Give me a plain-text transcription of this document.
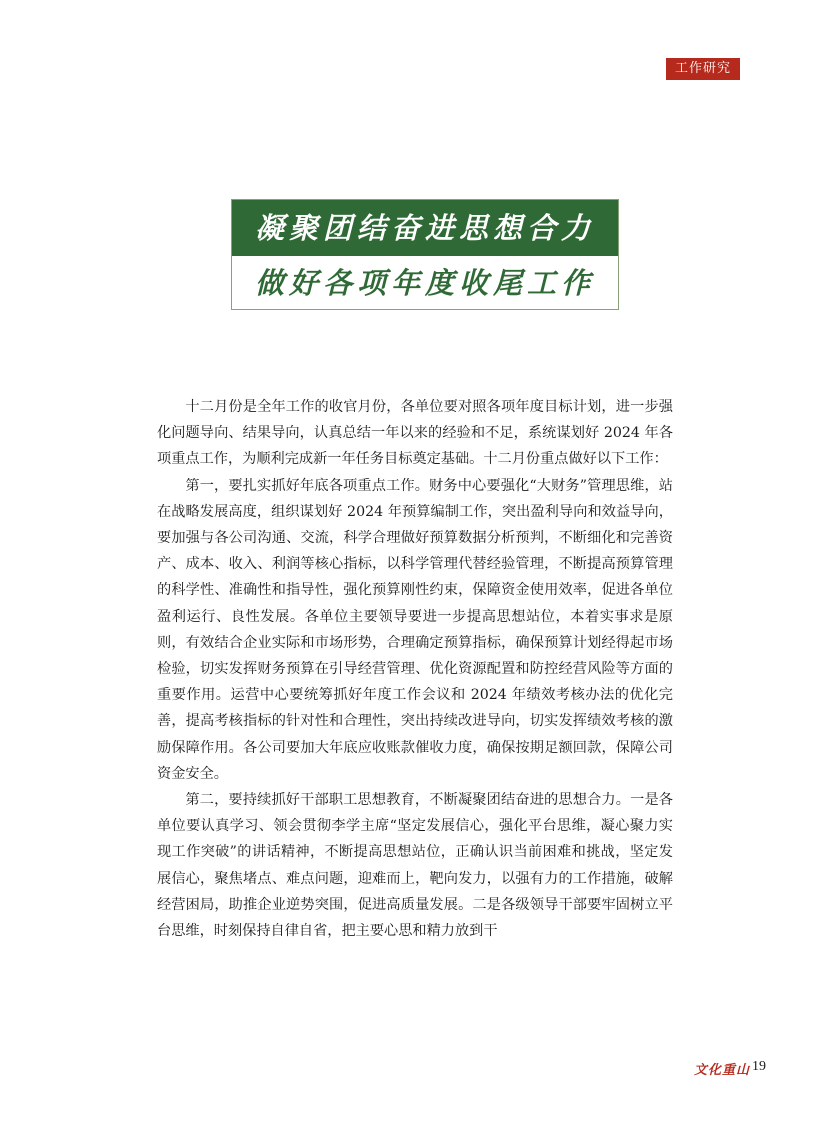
工作研究
凝聚团结奋进思想合力
做好各项年度收尾工作

十二月份是全年工作的收官月份，各单位要对照各项年度目标计划，进一步强化问题导向、结果导向，认真总结一年以来的经验和不足，系统谋划好 2024 年各项重点工作，为顺利完成新一年任务目标奠定基础。十二月份重点做好以下工作：

第一，要扎实抓好年底各项重点工作。财务中心要强化“大财务”管理思维，站在战略发展高度，组织谋划好 2024 年预算编制工作，突出盈利导向和效益导向，要加强与各公司沟通、交流，科学合理做好预算数据分析预判，不断细化和完善资产、成本、收入、利润等核心指标，以科学管理代替经验管理，不断提高预算管理的科学性、准确性和指导性，强化预算刚性约束，保障资金使用效率，促进各单位盈利运行、良性发展。各单位主要领导要进一步提高思想站位，本着实事求是原则，有效结合企业实际和市场形势，合理确定预算指标，确保预算计划经得起市场检验，切实发挥财务预算在引导经营管理、优化资源配置和防控经营风险等方面的重要作用。运营中心要统筹抓好年度工作会议和 2024 年绩效考核办法的优化完善，提高考核指标的针对性和合理性，突出持续改进导向，切实发挥绩效考核的激励保障作用。各公司要加大年底应收账款催收力度，确保按期足额回款，保障公司资金安全。

第二，要持续抓好干部职工思想教育，不断凝聚团结奋进的思想合力。一是各单位要认真学习、领会贯彻李学主席“坚定发展信心，强化平台思维，凝心聚力实现工作突破”的讲话精神，不断提高思想站位，正确认识当前困难和挑战，坚定发展信心，聚焦堵点、难点问题，迎难而上，靶向发力，以强有力的工作措施，破解经营困局，助推企业逆势突围，促进高质量发展。二是各级领导干部要牢固树立平台思维，时刻保持自律自省，把主要心思和精力放到干

文化重山 19
